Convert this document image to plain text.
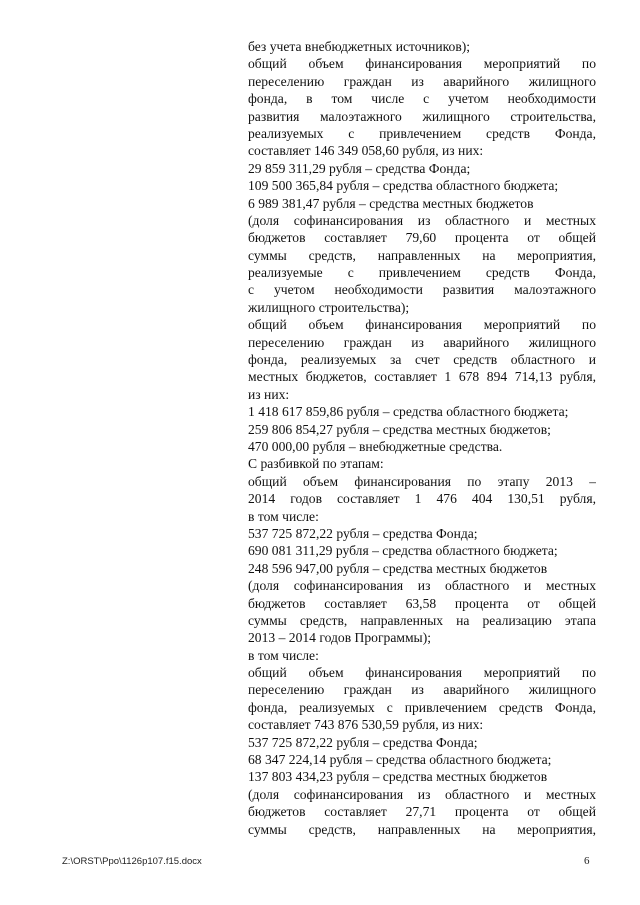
без учета внебюджетных источников);
общий объем финансирования мероприятий по
переселению граждан из аварийного жилищного
фонда, в том числе с учетом необходимости
развития малоэтажного жилищного строительства,
реализуемых с привлечением средств Фонда,
составляет 146 349 058,60 рубля, из них:
29 859 311,29 рубля – средства Фонда;
109 500 365,84 рубля – средства областного бюджета;
6 989 381,47 рубля – средства местных бюджетов
(доля софинансирования из областного и местных
бюджетов составляет 79,60 процента от общей
суммы средств, направленных на мероприятия,
реализуемые с привлечением средств Фонда,
с учетом необходимости развития малоэтажного
жилищного строительства);
общий объем финансирования мероприятий по
переселению граждан из аварийного жилищного
фонда, реализуемых за счет средств областного и
местных бюджетов, составляет 1 678 894 714,13 рубля,
из них:
1 418 617 859,86 рубля – средства областного бюджета;
259 806 854,27 рубля – средства местных бюджетов;
470 000,00 рубля – внебюджетные средства.
С разбивкой по этапам:
общий объем финансирования по этапу 2013 –
2014 годов составляет 1 476 404 130,51 рубля,
в том числе:
537 725 872,22 рубля – средства Фонда;
690 081 311,29 рубля – средства областного бюджета;
248 596 947,00 рубля – средства местных бюджетов
(доля софинансирования из областного и местных
бюджетов составляет 63,58 процента от общей
суммы средств, направленных на реализацию этапа
2013 – 2014 годов Программы);
в том числе:
общий объем финансирования мероприятий по
переселению граждан из аварийного жилищного
фонда, реализуемых с привлечением средств Фонда,
составляет 743 876 530,59 рубля, из них:
537 725 872,22 рубля – средства Фонда;
68 347 224,14 рубля – средства областного бюджета;
137 803 434,23 рубля – средства местных бюджетов
(доля софинансирования из областного и местных
бюджетов составляет 27,71 процента от общей
суммы средств, направленных на мероприятия,
Z:\ORST\Ppo\1126p107.f15.docx	6
